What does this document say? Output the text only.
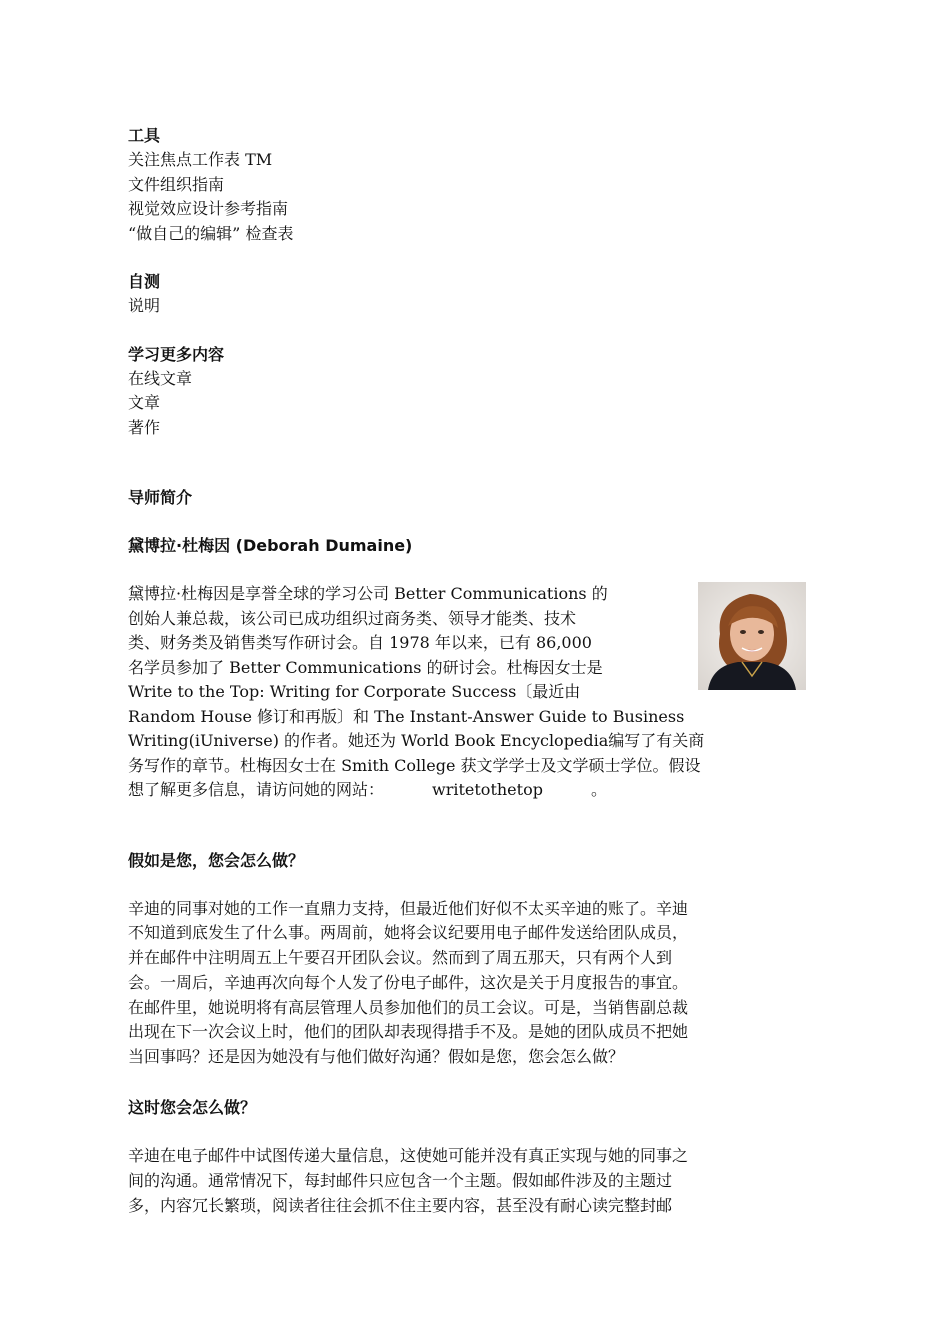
工具

关注焦点工作表 TM

文件组织指南

视觉效应设计参考指南

“做自己的编辑” 检查表

自测

说明

学习更多内容

在线文章

文章

著作

导师简介

黛博拉·杜梅因 (Deborah Dumaine)

黛博拉·杜梅因是享誉全球的学习公司 Better Communications 的

创始人兼总裁，该公司已成功组织过商务类、领导才能类、技术

类、财务类及销售类写作研讨会。自 1978 年以来，已有 86,000

名学员参加了 Better Communications 的研讨会。杜梅因女士是

Write to the Top: Writing for Corporate Success〔最近由

Random House 修订和再版〕和 The Instant-Answer Guide to Business

Writing(iUniverse) 的作者。她还为 World Book Encyclopedia编写了有关商

务写作的章节。杜梅因女士在 Smith College 获文学学士及文学硕士学位。假设

想了解更多信息，请访问她的网站：	writetothetop	。

假如是您，您会怎么做？

辛迪的同事对她的工作一直鼎力支持，但最近他们好似不太买辛迪的账了。辛迪

不知道到底发生了什么事。两周前，她将会议纪要用电子邮件发送给团队成员，

并在邮件中注明周五上午要召开团队会议。然而到了周五那天，只有两个人到

会。一周后，辛迪再次向每个人发了份电子邮件，这次是关于月度报告的事宜。

在邮件里，她说明将有高层管理人员参加他们的员工会议。可是，当销售副总裁

出现在下一次会议上时，他们的团队却表现得措手不及。是她的团队成员不把她

当回事吗？还是因为她没有与他们做好沟通？假如是您，您会怎么做？

这时您会怎么做？

辛迪在电子邮件中试图传递大量信息，这使她可能并没有真正实现与她的同事之

间的沟通。通常情况下，每封邮件只应包含一个主题。假如邮件涉及的主题过

多，内容冗长繁琐，阅读者往往会抓不住主要内容，甚至没有耐心读完整封邮
